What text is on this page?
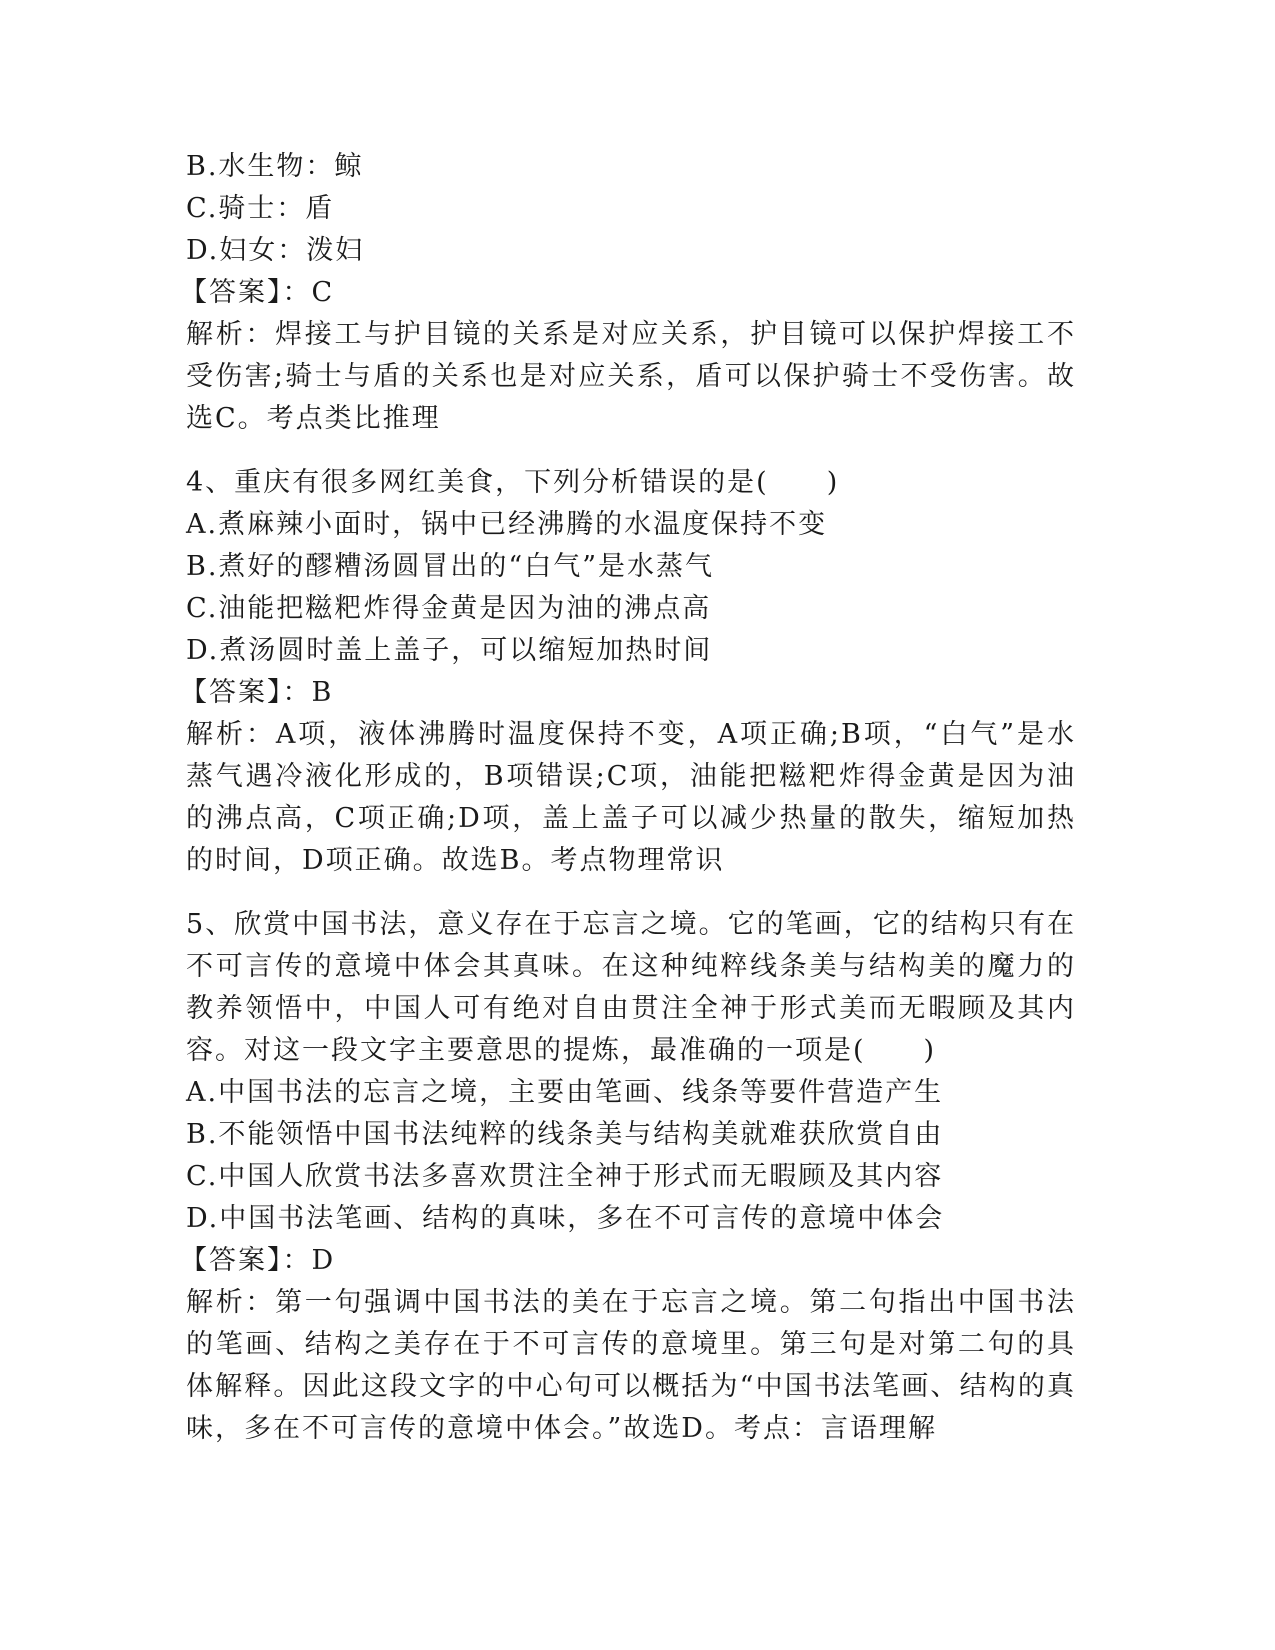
B.水生物：鲸

C.骑士：盾

D.妇女：泼妇

【答案】：C

解析：焊接工与护目镜的关系是对应关系，护目镜可以保护焊接工不受伤害;骑士与盾的关系也是对应关系，盾可以保护骑士不受伤害。故选C。考点类比推理

4、重庆有很多网红美食，下列分析错误的是(　　)

A.煮麻辣小面时，锅中已经沸腾的水温度保持不变

B.煮好的醪糟汤圆冒出的“白气”是水蒸气

C.油能把糍粑炸得金黄是因为油的沸点高

D.煮汤圆时盖上盖子，可以缩短加热时间

【答案】：B

解析：A项，液体沸腾时温度保持不变，A项正确;B项，“白气”是水蒸气遇冷液化形成的，B项错误;C项，油能把糍粑炸得金黄是因为油的沸点高，C项正确;D项，盖上盖子可以减少热量的散失，缩短加热的时间，D项正确。故选B。考点物理常识

5、欣赏中国书法，意义存在于忘言之境。它的笔画，它的结构只有在不可言传的意境中体会其真味。在这种纯粹线条美与结构美的魔力的教养领悟中，中国人可有绝对自由贯注全神于形式美而无暇顾及其内容。对这一段文字主要意思的提炼，最准确的一项是(　　)

A.中国书法的忘言之境，主要由笔画、线条等要件营造产生

B.不能领悟中国书法纯粹的线条美与结构美就难获欣赏自由

C.中国人欣赏书法多喜欢贯注全神于形式而无暇顾及其内容

D.中国书法笔画、结构的真味，多在不可言传的意境中体会

【答案】：D

解析：第一句强调中国书法的美在于忘言之境。第二句指出中国书法的笔画、结构之美存在于不可言传的意境里。第三句是对第二句的具体解释。因此这段文字的中心句可以概括为“中国书法笔画、结构的真味，多在不可言传的意境中体会。”故选D。考点：言语理解
